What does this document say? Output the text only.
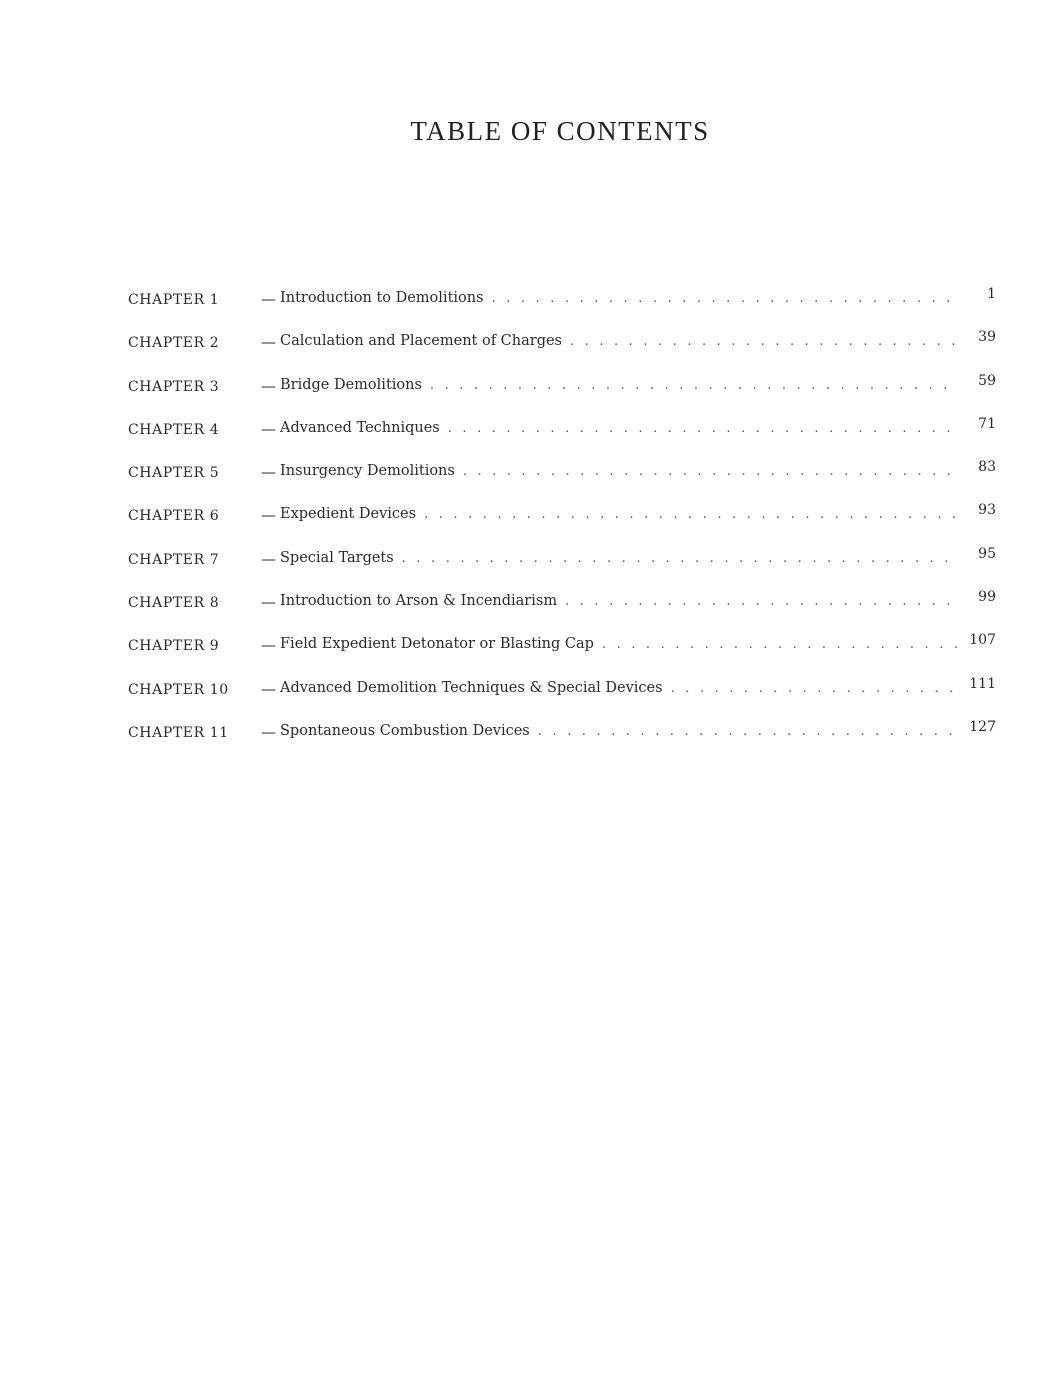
TABLE OF CONTENTS
CHAPTER 1	— Introduction to Demolitions . . .	1
CHAPTER 2	— Calculation and Placement of Charges . . .	39
CHAPTER 3	— Bridge Demolitions . . .	59
CHAPTER 4	— Advanced Techniques . . .	71
CHAPTER 5	— Insurgency Demolitions . . .	83
CHAPTER 6	— Expedient Devices . . .	93
CHAPTER 7	— Special Targets . . .	95
CHAPTER 8	— Introduction to Arson & Incendiarism . . .	99
CHAPTER 9	— Field Expedient Detonator or Blasting Cap . . .	107
CHAPTER 10	— Advanced Demolition Techniques & Special Devices . . .	111
CHAPTER 11	— Spontaneous Combustion Devices . . .	127
